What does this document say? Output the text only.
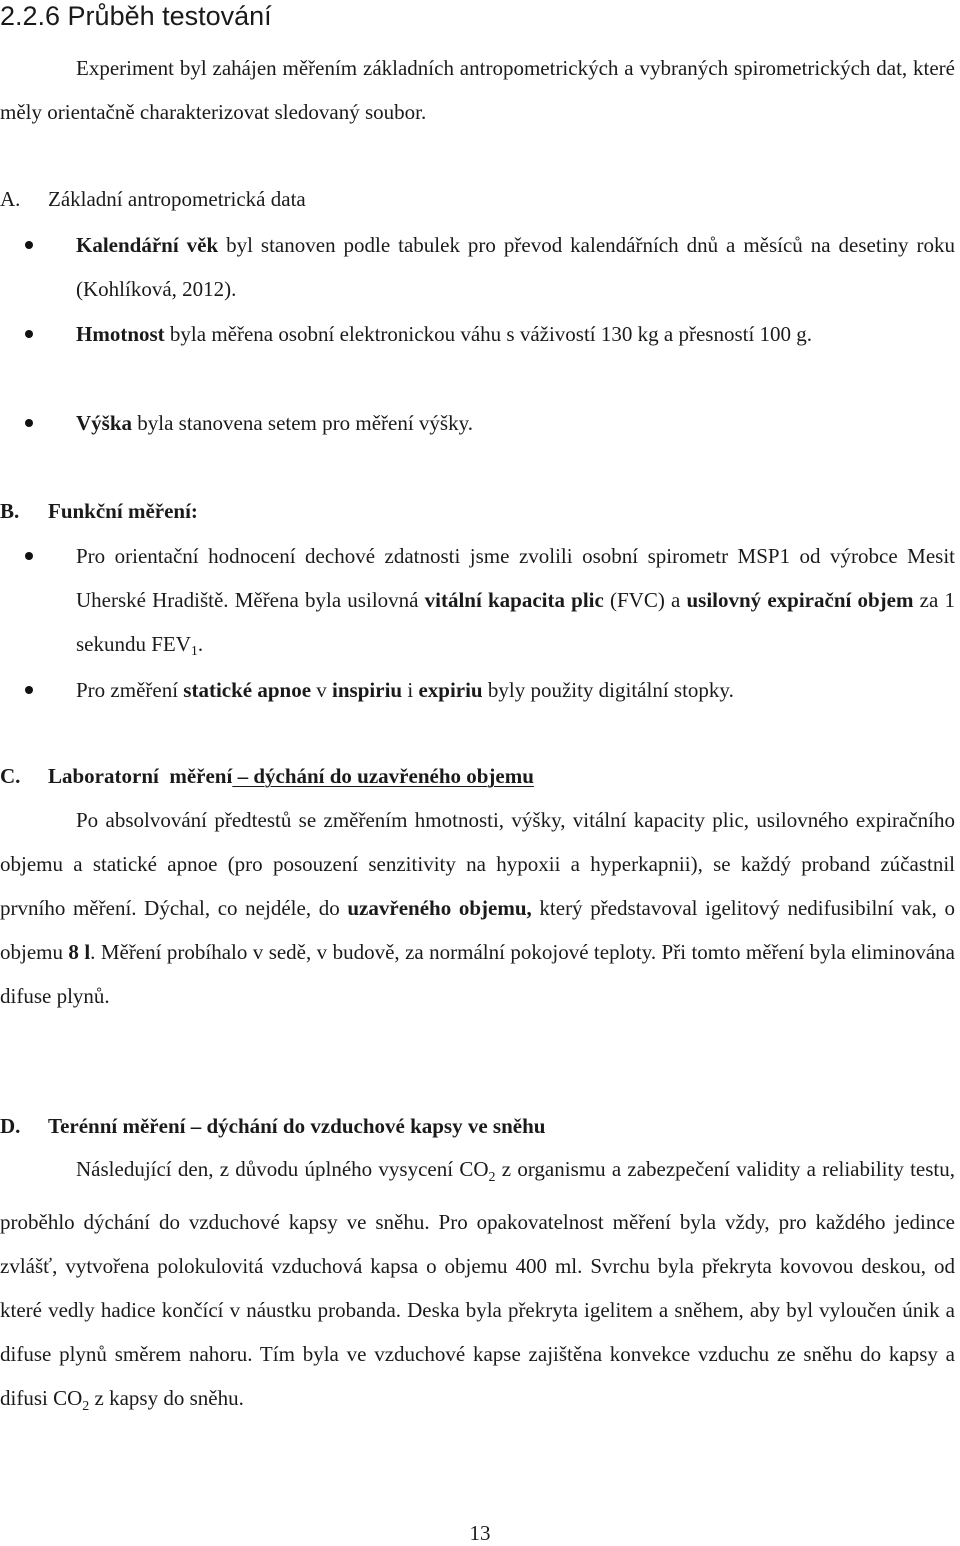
2.2.6 Průběh testování

Experiment byl zahájen měřením základních antropometrických a vybraných spirometrických dat, které měly orientačně charakterizovat sledovaný soubor.

A. Základní antropometrická data

Kalendářní věk byl stanoven podle tabulek pro převod kalendářních dnů a měsíců na desetiny roku (Kohlíková, 2012).

Hmotnost byla měřena osobní elektronickou váhu s váživostí 130 kg a přesností 100 g.

Výška byla stanovena setem pro měření výšky.

B. Funkční měření:

Pro orientační hodnocení dechové zdatnosti jsme zvolili osobní spirometr MSP1 od výrobce Mesit Uherské Hradiště. Měřena byla usilovná vitální kapacita plic (FVC) a usilovný expirační objem za 1 sekundu $FEV_1$.

Pro změření statické apnoe v inspiriu i expiriu byly použity digitální stopky.

C. Laboratorní  měření – dýchání do uzavřeného objemu

Po absolvování předtestů se změřením hmotnosti, výšky, vitální kapacity plic, usilovného expiračního objemu a statické apnoe (pro posouzení senzitivity na hypoxii a hyperkapnii), se každý proband zúčastnil prvního měření. Dýchal, co nejdéle, do uzavřeného objemu, který představoval igelitový nedifusibilní vak, o objemu 8 l. Měření probíhalo v sedě, v budově, za normální pokojové teploty. Při tomto měření byla eliminována difuse plynů.

D. Terénní měření – dýchání do vzduchové kapsy ve sněhu

Následující den, z důvodu úplného vysycení $CO_2$ z organismu a zabezpečení validity a reliability testu, proběhlo dýchání do vzduchové kapsy ve sněhu. Pro opakovatelnost měření byla vždy, pro každého jedince zvlášť, vytvořena polokulovitá vzduchová kapsa o objemu 400 ml. Svrchu byla překryta kovovou deskou, od které vedly hadice končící v náustku probanda. Deska byla překryta igelitem a sněhem, aby byl vyloučen únik a difuse plynů směrem nahoru. Tím byla ve vzduchové kapse zajištěna konvekce vzduchu ze sněhu do kapsy a difusi $CO_2$ z kapsy do sněhu.

13
